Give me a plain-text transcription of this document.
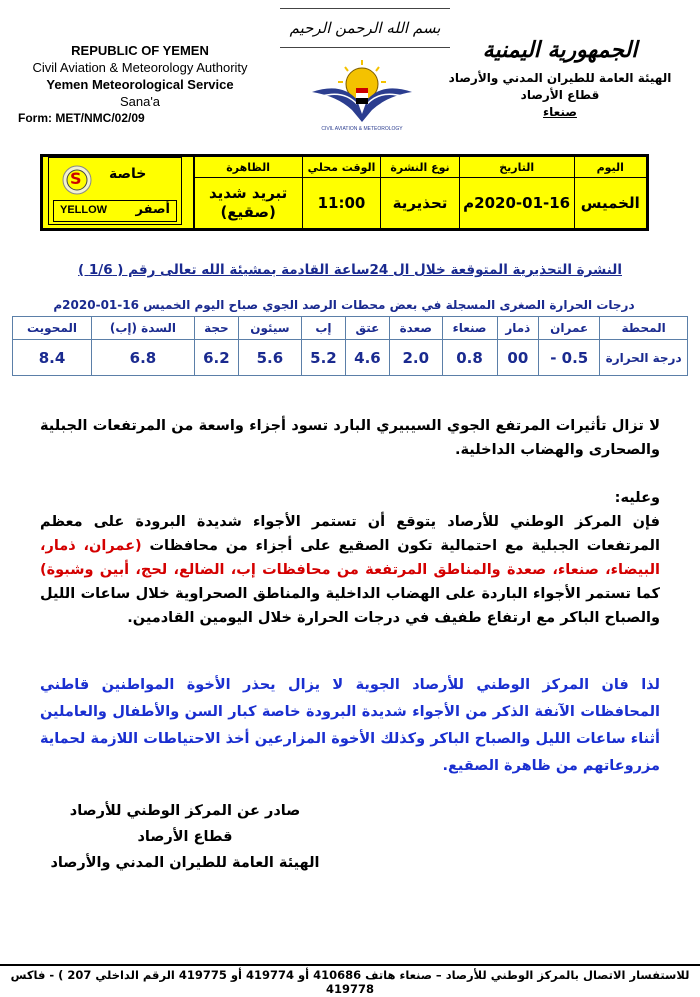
REPUBLIC OF YEMEN
Civil Aviation & Meteorology Authority
Yemen Meteorological Service
Sana'a
Form: MET/NMC/02/09
بسم الله الرحمن الرحيم
CIVIL AVIATION & METEOROLOGY
الجمهورية اليمنية
الهيئة العامة للطيران المدني والأرصاد
قطاع الأرصاد
صنعاء
اليوم	التاريخ	نوع النشرة	الوقت محلي	الظاهرة	
الخميس	2020-01-16م	تحذيرية	11:00	تبريد شديد
(صقيع)	
S خاصة
YELLOW أصفر
النشرة التحذيرية المتوقعة خلال ال 24ساعة القادمة بمشيئة الله تعالى رقم ( 1/6 )
درجات الحرارة الصغرى المسجلة في بعض محطات الرصد الجوي صباح اليوم الخميس 16-01-2020م
المحطة	عمران	ذمار	صنعاء	صعدة	عتق	إب	سيئون	حجة	السدة (إب)	المحويت
درجة الحرارة	0.5 -	00	0.8	2.0	4.6	5.2	5.6	6.2	6.8	8.4
لا تزال تأثيرات المرتفع الجوي السيبيري البارد تسود أجزاء واسعة من المرتفعات الجبلية والصحارى والهضاب الداخلية.
وعليه:
فإن المركز الوطني للأرصاد يتوقع أن تستمر الأجواء شديدة البرودة على معظم المرتفعات الجبلية مع احتمالية تكون الصقيع على أجزاء من محافظات (عمران، ذمار، البيضاء، صنعاء، صعدة والمناطق المرتفعة من محافظات إب، الضالع، لحج، أبين وشبوة) كما تستمر الأجواء الباردة على الهضاب الداخلية والمناطق الصحراوية خلال ساعات الليل والصباح الباكر مع ارتفاع طفيف في درجات الحرارة خلال اليومين القادمين.
لذا فان المركز الوطني للأرصاد الجوية لا يزال يحذر الأخوة المواطنين قاطني المحافظات الآنفة الذكر من الأجواء شديدة البرودة خاصة كبار السن والأطفال والعاملين أثناء ساعات الليل والصباح الباكر وكذلك الأخوة المزارعين أخذ الاحتياطات اللازمة لحماية مزروعاتهم من ظاهرة الصقيع.
صادر عن المركز الوطني للأرصاد
قطاع الأرصاد
الهيئة العامة للطيران المدني والأرصاد
للاستفسار الاتصال بالمركز الوطني للأرصاد – صنعاء هاتف 410686 أو 419774 أو 419775 الرقم الداخلي 207 ) - فاكس 419778
